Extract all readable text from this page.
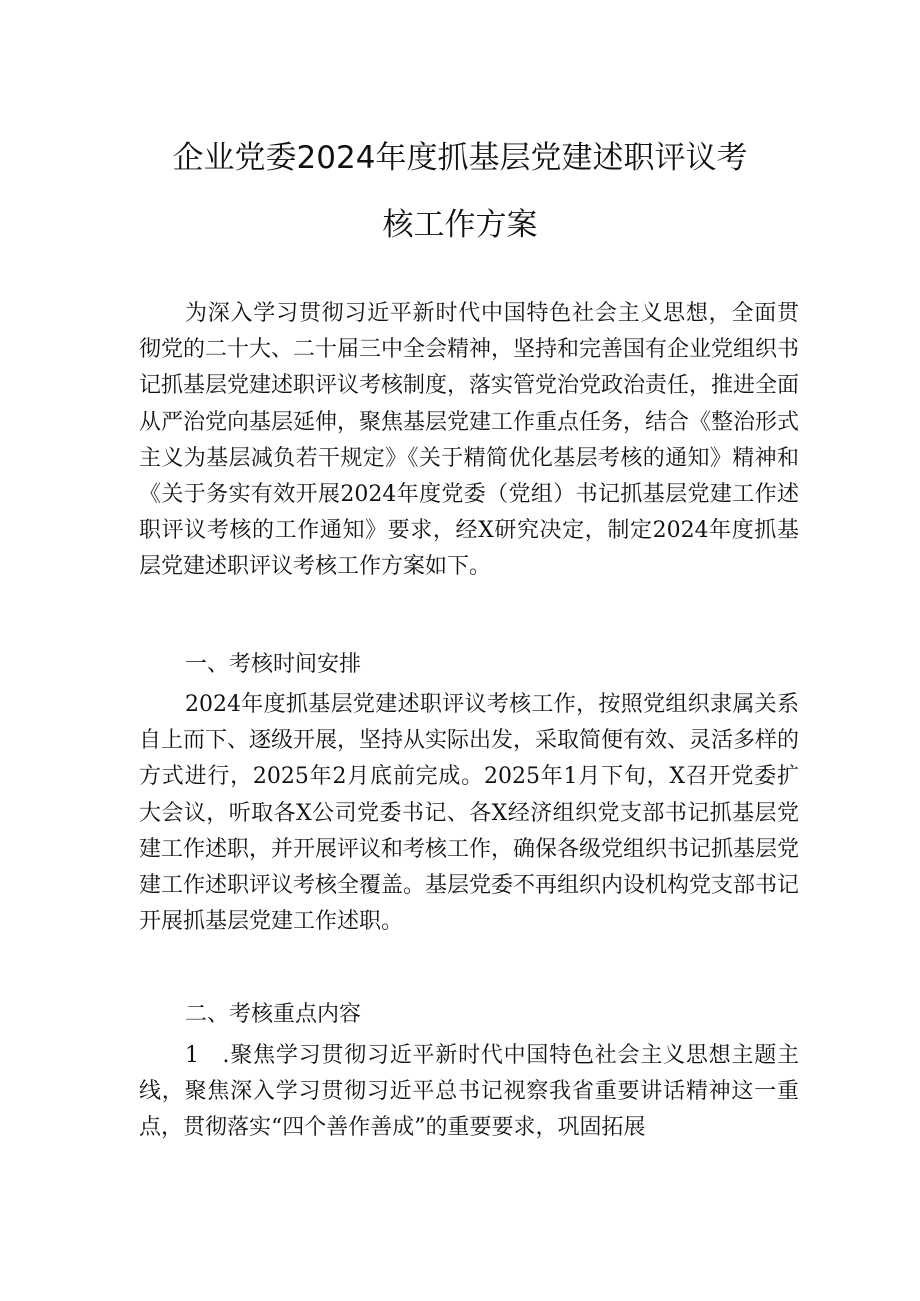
企业党委2024年度抓基层党建述职评议考
核工作方案

为深入学习贯彻习近平新时代中国特色社会主义思想，全面贯彻党的二十大、二十届三中全会精神，坚持和完善国有企业党组织书记抓基层党建述职评议考核制度，落实管党治党政治责任，推进全面从严治党向基层延伸，聚焦基层党建工作重点任务，结合《整治形式主义为基层减负若干规定》《关于精简优化基层考核的通知》精神和《关于务实有效开展2024年度党委（党组）书记抓基层党建工作述职评议考核的工作通知》要求，经X研究决定，制定2024年度抓基层党建述职评议考核工作方案如下。

一、考核时间安排

2024年度抓基层党建述职评议考核工作，按照党组织隶属关系自上而下、逐级开展，坚持从实际出发，采取简便有效、灵活多样的方式进行，2025年2月底前完成。2025年1月下旬，X召开党委扩大会议，听取各X公司党委书记、各X经济组织党支部书记抓基层党建工作述职，并开展评议和考核工作，确保各级党组织书记抓基层党建工作述职评议考核全覆盖。基层党委不再组织内设机构党支部书记开展抓基层党建工作述职。

二、考核重点内容

1　.聚焦学习贯彻习近平新时代中国特色社会主义思想主题主线，聚焦深入学习贯彻习近平总书记视察我省重要讲话精神这一重点，贯彻落实“四个善作善成”的重要要求，巩固拓展
